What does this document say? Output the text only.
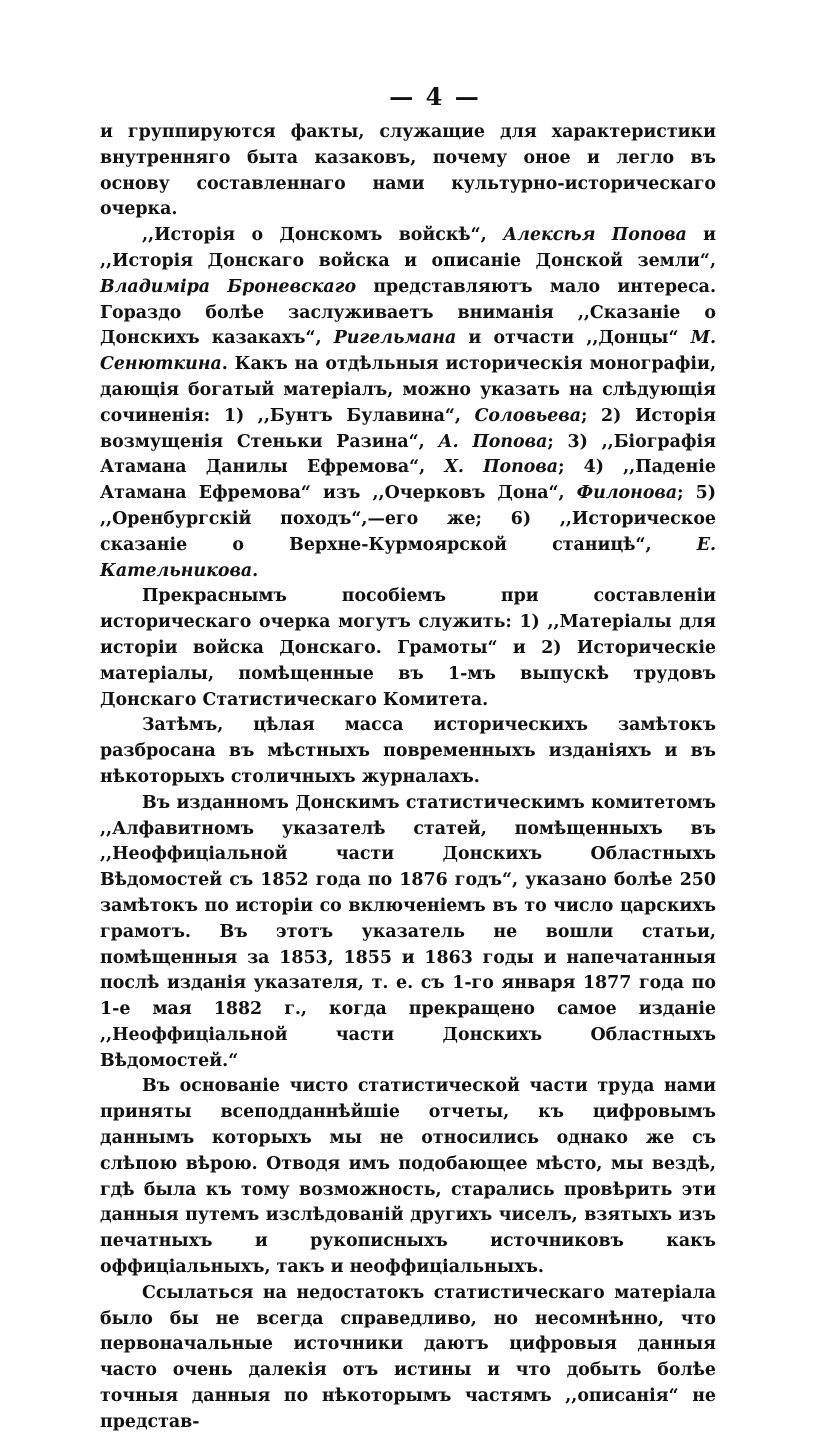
— 4 —

и группируются факты, служащие для характеристики внутренняго быта казаковъ, почему оное и легло въ основу составленнаго нами культурно-историческаго очерка.

,,Исторія о Донскомъ войскѣ“, Алексѣя Попова и ,,Исторія Донскаго войска и описаніе Донской земли“, Владиміра Броневскаго представляютъ мало интереса. Гораздо болѣе заслуживаетъ вниманія ,,Сказаніе о Донскихъ казакахъ“, Ригельмана и отчасти ,,Донцы“ М. Сенюткина. Какъ на отдѣльныя историческія монографіи, дающія богатый матеріалъ, можно указать на слѣдующія сочиненія: 1) ,,Бунтъ Булавина“, Соловьева; 2) Исторія возмущенія Стеньки Разина“, А. Попова; 3) ,,Біографія Атамана Данилы Ефремова“, Х. Попова; 4) ,,Паденіе Атамана Ефремова“ изъ ,,Очерковъ Дона“, Филонова; 5) ,,Оренбургскій походъ“,—его же; 6) ,,Историческое сказаніе о Верхне-Курмоярской станицѣ“, Е. Кательникова.

Прекраснымъ пособіемъ при составленіи историческаго очерка могутъ служить: 1) ,,Матеріалы для исторіи войска Донскаго. Грамоты“ и 2) Историческіе матеріалы, помѣщенные въ 1-мъ выпускѣ трудовъ Донскаго Статистическаго Комитета.

Затѣмъ, цѣлая масса историческихъ замѣтокъ разбросана въ мѣстныхъ повременныхъ изданіяхъ и въ нѣкоторыхъ столичныхъ журналахъ.

Въ изданномъ Донскимъ статистическимъ комитетомъ ,,Алфавитномъ указателѣ статей, помѣщенныхъ въ ,,Неоффиціальной части Донскихъ Областныхъ Вѣдомостей съ 1852 года по 1876 годъ“, указано болѣе 250 замѣтокъ по исторіи со включеніемъ въ то число царскихъ грамотъ. Въ этотъ указатель не вошли статьи, помѣщенныя за 1853, 1855 и 1863 годы и напечатанныя послѣ изданія указателя, т. е. съ 1-го января 1877 года по 1-е мая 1882 г., когда прекращено самое изданіе ,,Неоффиціальной части Донскихъ Областныхъ Вѣдомостей.“

Въ основаніе чисто статистической части труда нами приняты всеподданнѣйшіе отчеты, къ цифровымъ даннымъ которыхъ мы не относились однако же съ слѣпою вѣрою. Отводя имъ подобающее мѣсто, мы вездѣ, гдѣ была къ тому возможность, старались провѣрить эти данныя путемъ изслѣдованій другихъ чиселъ, взятыхъ изъ печатныхъ и рукописныхъ источниковъ какъ оффиціальныхъ, такъ и неоффиціальныхъ.

Ссылаться на недостатокъ статистическаго матеріала было бы не всегда справедливо, но несомнѣнно, что первоначальные источники даютъ цифровыя данныя часто очень далекія отъ истины и что добыть болѣе точныя данныя по нѣкоторымъ частямъ ,,описанія“ не представ-
